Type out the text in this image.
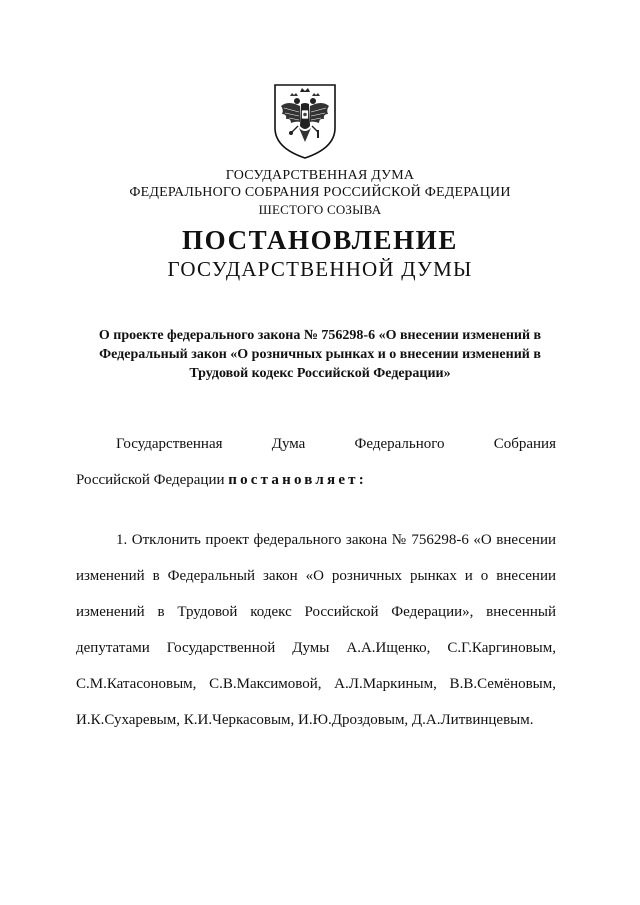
ГОСУДАРСТВЕННАЯ ДУМА
ФЕДЕРАЛЬНОГО СОБРАНИЯ РОССИЙСКОЙ ФЕДЕРАЦИИ
ШЕСТОГО СОЗЫВА
ПОСТАНОВЛЕНИЕ
ГОСУДАРСТВЕННОЙ ДУМЫ
О проекте федерального закона № 756298-6 «О внесении изменений в
Федеральный закон «О розничных рынках и о внесении изменений в
Трудовой кодекс Российской Федерации»
Государственная Дума Федерального Собрания
Российской Федерации постановляет:
1. Отклонить проект федерального закона № 756298-6 «О внесении
изменений в Федеральный закон «О розничных рынках и о внесении
изменений в Трудовой кодекс Российской Федерации», внесенный
депутатами Государственной Думы А.А.Ищенко, С.Г.Каргиновым,
С.М.Катасоновым, С.В.Максимовой, А.Л.Маркиным, В.В.Семёновым,
И.К.Сухаревым, К.И.Черкасовым, И.Ю.Дроздовым, Д.А.Литвинцевым.
